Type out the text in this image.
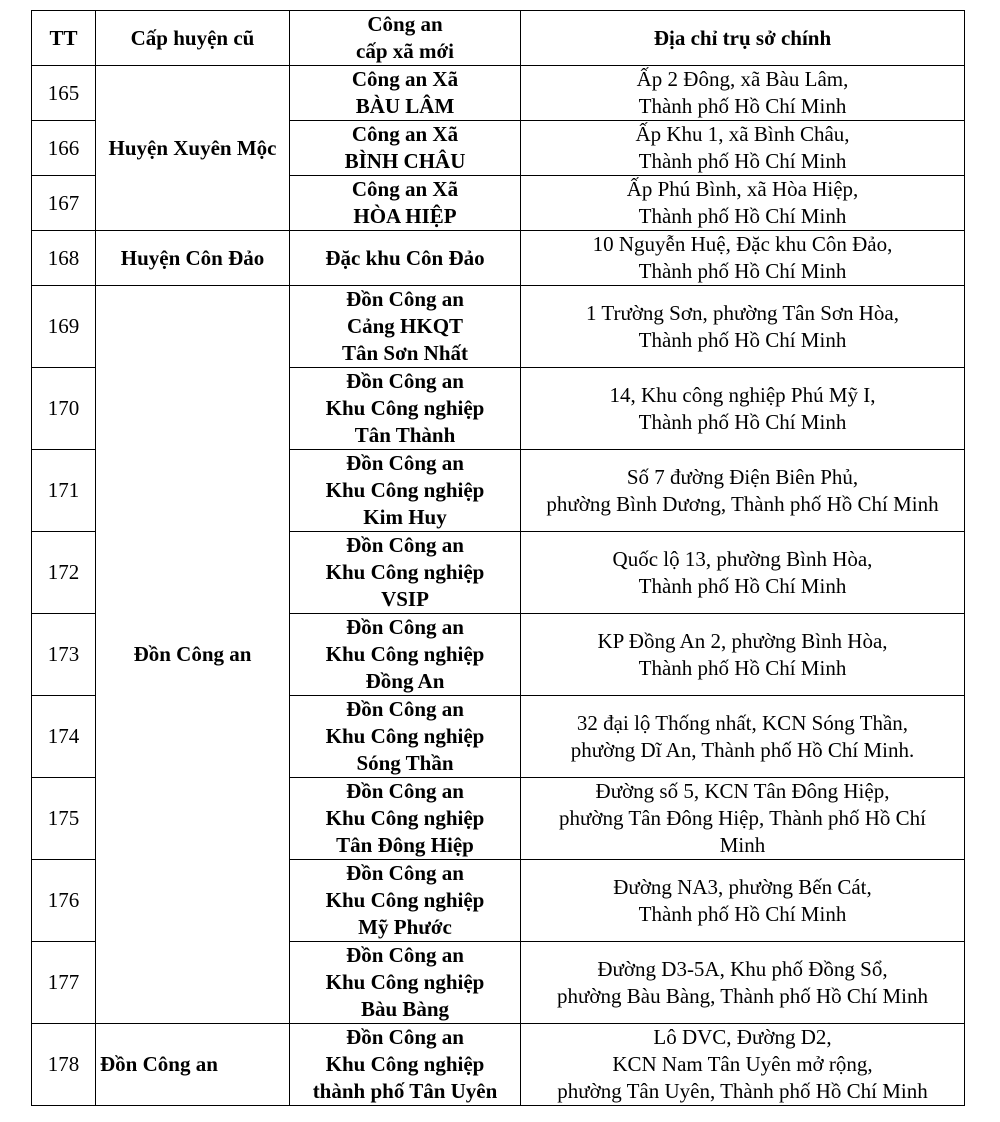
TT	Cấp huyện cũ	Công an
cấp xã mới	Địa chỉ trụ sở chính
165	Huyện Xuyên Mộc	Công an Xã
BÀU LÂM	Ấp 2 Đông, xã Bàu Lâm,
Thành phố Hồ Chí Minh

166		Công an Xã
BÌNH CHÂU	Ấp Khu 1, xã Bình Châu,
Thành phố Hồ Chí Minh

167		Công an Xã
HÒA HIỆP	Ấp Phú Bình, xã Hòa Hiệp,
Thành phố Hồ Chí Minh

168	Huyện Côn Đảo	Đặc khu Côn Đảo	10 Nguyễn Huệ, Đặc khu Côn Đảo,
Thành phố Hồ Chí Minh

169	Đồn Công an	Đồn Công an
Cảng HKQT
Tân Sơn Nhất	1 Trường Sơn, phường Tân Sơn Hòa,
Thành phố Hồ Chí Minh

170		Đồn Công an
Khu Công nghiệp
Tân Thành	14, Khu công nghiệp Phú Mỹ I,
Thành phố Hồ Chí Minh

171		Đồn Công an
Khu Công nghiệp
Kim Huy	Số 7 đường Điện Biên Phủ,
phường Bình Dương, Thành phố Hồ Chí Minh

172		Đồn Công an
Khu Công nghiệp
VSIP	Quốc lộ 13, phường Bình Hòa,
Thành phố Hồ Chí Minh

173		Đồn Công an
Khu Công nghiệp
Đồng An	KP Đồng An 2, phường Bình Hòa,
Thành phố Hồ Chí Minh

174		Đồn Công an
Khu Công nghiệp
Sóng Thần	32 đại lộ Thống nhất, KCN Sóng Thần,
phường Dĩ An, Thành phố Hồ Chí Minh.

175		Đồn Công an
Khu Công nghiệp
Tân Đông Hiệp	Đường số 5, KCN Tân Đông Hiệp,
phường Tân Đông Hiệp, Thành phố Hồ Chí
Minh

176		Đồn Công an
Khu Công nghiệp
Mỹ Phước	Đường NA3, phường Bến Cát,
Thành phố Hồ Chí Minh

177		Đồn Công an
Khu Công nghiệp
Bàu Bàng	Đường D3-5A, Khu phố Đồng Sổ,
phường Bàu Bàng, Thành phố Hồ Chí Minh

178	Đồn Công an	Đồn Công an
Khu Công nghiệp
thành phố Tân Uyên	Lô DVC, Đường D2,
KCN Nam Tân Uyên mở rộng,
phường Tân Uyên, Thành phố Hồ Chí Minh
